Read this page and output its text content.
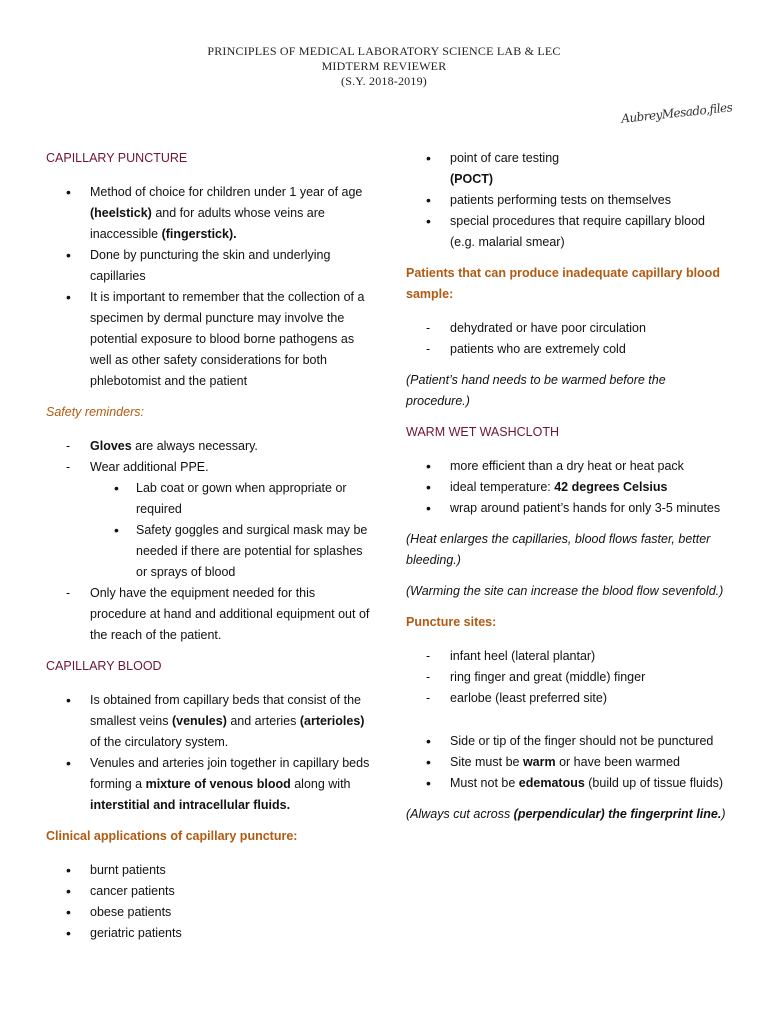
PRINCIPLES OF MEDICAL LABORATORY SCIENCE LAB & LEC
MIDTERM REVIEWER
(S.Y. 2018-2019)
AubreyMesado,files
CAPILLARY PUNCTURE
• Method of choice for children under 1 year of age (heelstick) and for adults whose veins are inaccessible (fingerstick).
• Done by puncturing the skin and underlying capillaries
• It is important to remember that the collection of a specimen by dermal puncture may involve the potential exposure to blood borne pathogens as well as other safety considerations for both phlebotomist and the patient
Safety reminders:
- Gloves are always necessary.
- Wear additional PPE.
• Lab coat or gown when appropriate or required
• Safety goggles and surgical mask may be needed if there are potential for splashes or sprays of blood
- Only have the equipment needed for this procedure at hand and additional equipment out of the reach of the patient.
CAPILLARY BLOOD
• Is obtained from capillary beds that consist of the smallest veins (venules) and arteries (arterioles) of the circulatory system.
• Venules and arteries join together in capillary beds forming a mixture of venous blood along with interstitial and intracellular fluids.
Clinical applications of capillary puncture:
• burnt patients
• cancer patients
• obese patients
• geriatric patients
• point of care testing
(POCT)
• patients performing tests on themselves
• special procedures that require capillary blood (e.g. malarial smear)
Patients that can produce inadequate capillary blood sample:
- dehydrated or have poor circulation
- patients who are extremely cold
(Patient’s hand needs to be warmed before the procedure.)
WARM WET WASHCLOTH
• more efficient than a dry heat or heat pack
• ideal temperature: 42 degrees Celsius
• wrap around patient’s hands for only 3-5 minutes
(Heat enlarges the capillaries, blood flows faster, better bleeding.)
(Warming the site can increase the blood flow sevenfold.)
Puncture sites:
- infant heel (lateral plantar)
- ring finger and great (middle) finger
- earlobe (least preferred site)
• Side or tip of the finger should not be punctured
• Site must be warm or have been warmed
• Must not be edematous (build up of tissue fluids)
(Always cut across (perpendicular) the fingerprint line.)
